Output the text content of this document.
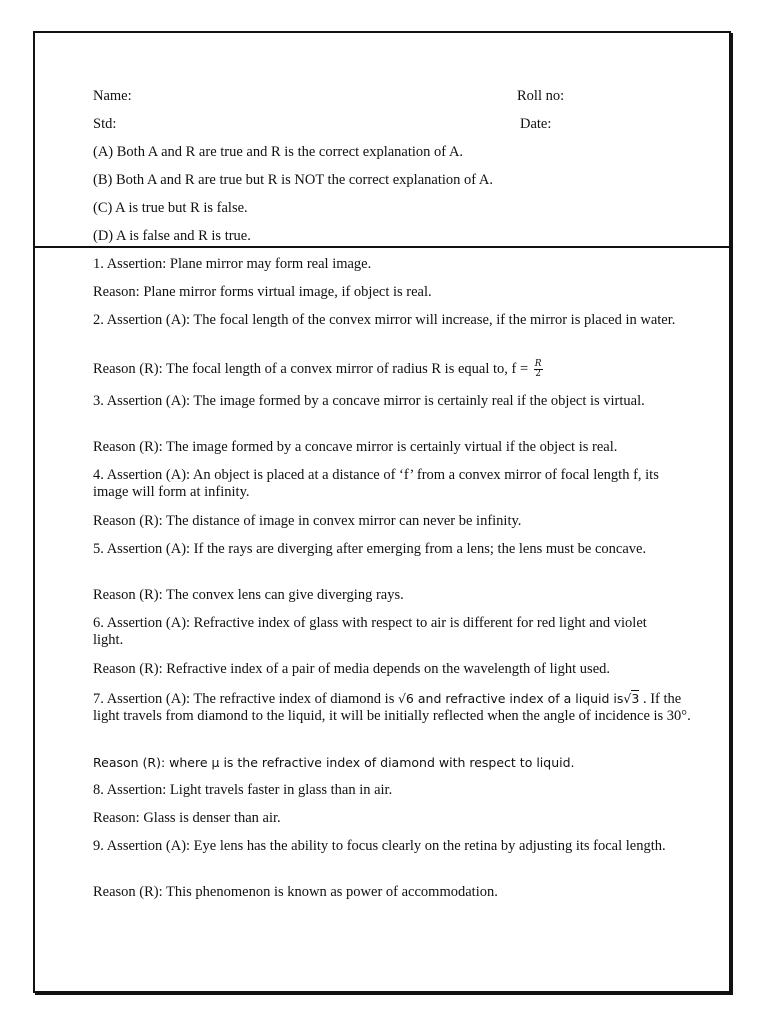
Name:	Roll no:
Std:	Date:
(A) Both A and R are true and R is the correct explanation of A.
(B) Both A and R are true but R is NOT the correct explanation of A.
(C) A is true but R is false.
(D) A is false and R is true.
1. Assertion: Plane mirror may form real image.
Reason: Plane mirror forms virtual image, if object is real.
2. Assertion (A): The focal length of the convex mirror will increase, if the mirror is placed in water.
Reason (R): The focal length of a convex mirror of radius R is equal to, $f = \frac{R}{2}$
3. Assertion (A): The image formed by a concave mirror is certainly real if the object is virtual.
Reason (R): The image formed by a concave mirror is certainly virtual if the object is real.
4. Assertion (A): An object is placed at a distance of ‘f’ from a convex mirror of focal length f, its image will form at infinity.
Reason (R): The distance of image in convex mirror can never be infinity.
5. Assertion (A): If the rays are diverging after emerging from a lens; the lens must be concave.
Reason (R): The convex lens can give diverging rays.
6. Assertion (A): Refractive index of glass with respect to air is different for red light and violet light.
Reason (R): Refractive index of a pair of media depends on the wavelength of light used.
7. Assertion (A): The refractive index of diamond is √6 and refractive index of a liquid is√
3 . If the light travels from diamond to the liquid, it will be initially reflected when the angle of incidence is 30°.
Reason (R): where μ is the refractive index of diamond with respect to liquid.
8. Assertion: Light travels faster in glass than in air.
Reason: Glass is denser than air.
9. Assertion (A): Eye lens has the ability to focus clearly on the retina by adjusting its focal length.
Reason (R): This phenomenon is known as power of accommodation.
